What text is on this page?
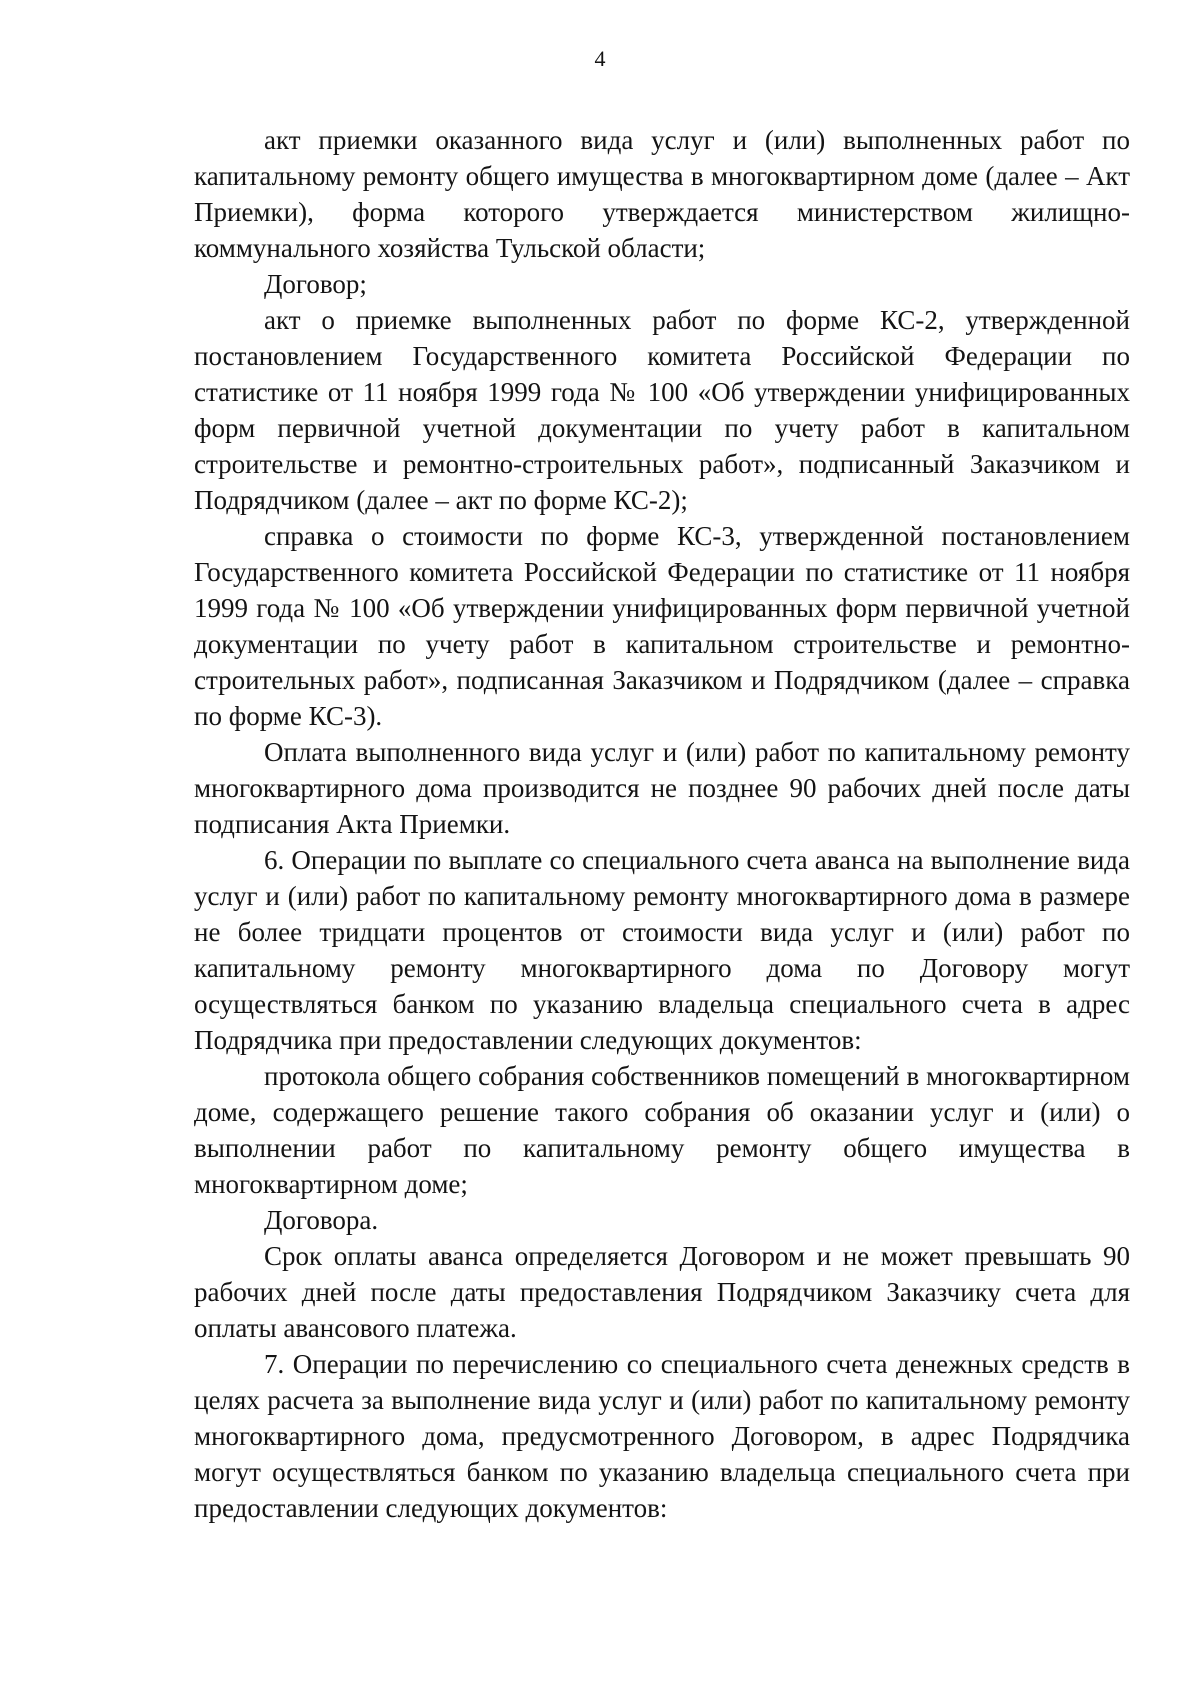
4

акт приемки оказанного вида услуг и (или) выполненных работ по капитальному ремонту общего имущества в многоквартирном доме (далее – Акт Приемки), форма которого утверждается министерством жилищно-коммунального хозяйства Тульской области;

Договор;

акт о приемке выполненных работ по форме КС-2, утвержденной постановлением Государственного комитета Российской Федерации по статистике от 11 ноября 1999 года № 100 «Об утверждении унифицированных форм первичной учетной документации по учету работ в капитальном строительстве и ремонтно-строительных работ», подписанный Заказчиком и Подрядчиком (далее – акт по форме КС-2);

справка о стоимости по форме КС-3, утвержденной постановлением Государственного комитета Российской Федерации по статистике от 11 ноября 1999 года № 100 «Об утверждении унифицированных форм первичной учетной документации по учету работ в капитальном строительстве и ремонтно-строительных работ», подписанная Заказчиком и Подрядчиком (далее – справка по форме КС-3).

Оплата выполненного вида услуг и (или) работ по капитальному ремонту многоквартирного дома производится не позднее 90 рабочих дней после даты подписания Акта Приемки.

6. Операции по выплате со специального счета аванса на выполнение вида услуг и (или) работ по капитальному ремонту многоквартирного дома в размере не более тридцати процентов от стоимости вида услуг и (или) работ по капитальному ремонту многоквартирного дома по Договору могут осуществляться банком по указанию владельца специального счета в адрес Подрядчика при предоставлении следующих документов:

протокола общего собрания собственников помещений в многоквартирном доме, содержащего решение такого собрания об оказании услуг и (или) о выполнении работ по капитальному ремонту общего имущества в многоквартирном доме;

Договора.

Срок оплаты аванса определяется Договором и не может превышать 90 рабочих дней после даты предоставления Подрядчиком Заказчику счета для оплаты авансового платежа.

7. Операции по перечислению со специального счета денежных средств в целях расчета за выполнение вида услуг и (или) работ по капитальному ремонту многоквартирного дома, предусмотренного Договором, в адрес Подрядчика могут осуществляться банком по указанию владельца специального счета при предоставлении следующих документов:
